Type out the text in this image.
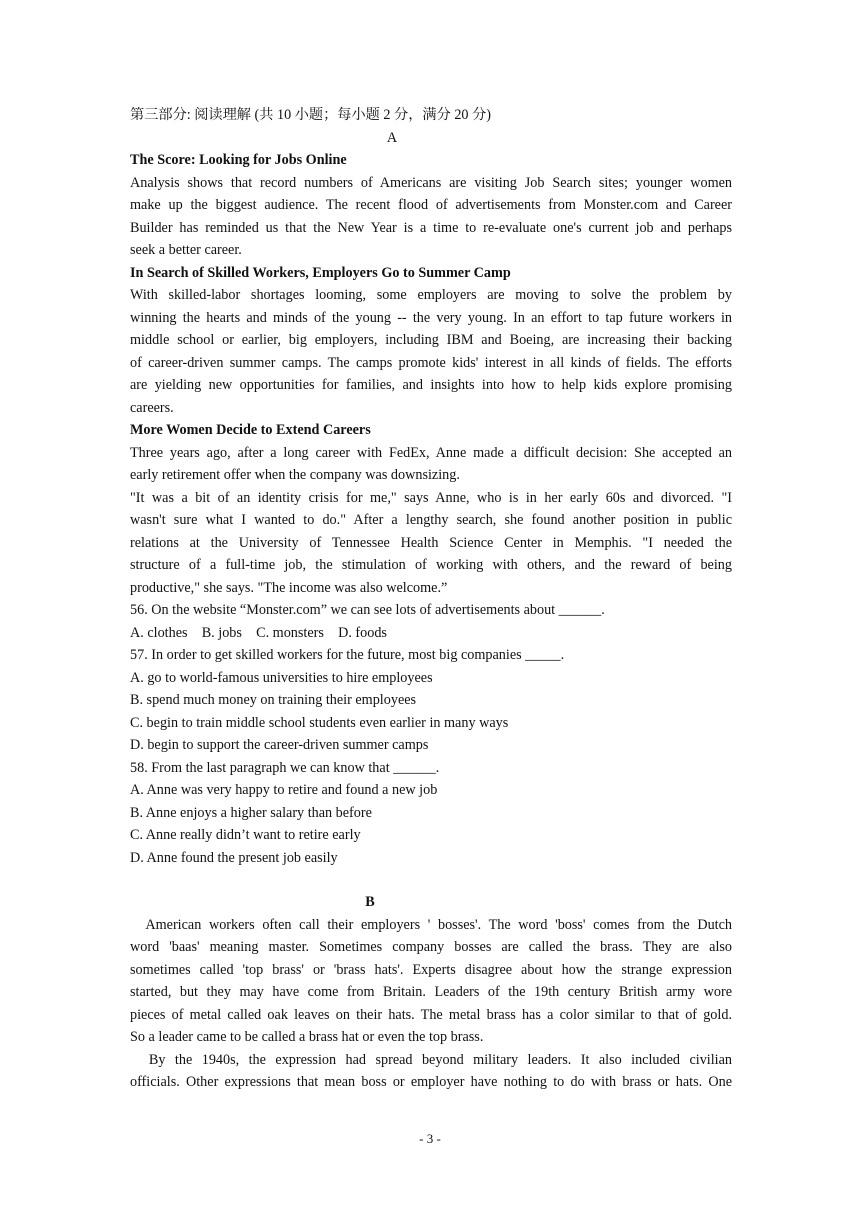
第三部分: 阅读理解 (共 10 小题；每小题 2 分，满分 20 分)
A
The Score: Looking for Jobs Online
Analysis shows that record numbers of Americans are visiting Job Search sites; younger women
make up the biggest audience. The recent flood of advertisements from Monster.com and Career
Builder has reminded us that the New Year is a time to re-evaluate one's current job and perhaps
seek a better career.
In Search of Skilled Workers, Employers Go to Summer Camp
With skilled-labor shortages looming, some employers are moving to solve the problem by
winning the hearts and minds of the young -- the very young. In an effort to tap future workers in
middle school or earlier, big employers, including IBM and Boeing, are increasing their backing
of career-driven summer camps. The camps promote kids' interest in all kinds of fields. The efforts
are yielding new opportunities for families, and insights into how to help kids explore promising
careers.
More Women Decide to Extend Careers
Three years ago, after a long career with FedEx, Anne made a difficult decision: She accepted an
early retirement offer when the company was downsizing.
"It was a bit of an identity crisis for me," says Anne, who is in her early 60s and divorced. "I
wasn't sure what I wanted to do." After a lengthy search, she found another position in public
relations at the University of Tennessee Health Science Center in Memphis. "I needed the
structure of a full-time job, the stimulation of working with others, and the reward of being
productive," she says. "The income was also welcome.”
56. On the website “Monster.com” we can see lots of advertisements about ______.
A. clothes    B. jobs    C. monsters    D. foods
57. In order to get skilled workers for the future, most big companies _____.
A. go to world-famous universities to hire employees
B. spend much money on training their employees
C. begin to train middle school students even earlier in many ways
D. begin to support the career-driven summer camps
58. From the last paragraph we can know that ______.
A. Anne was very happy to retire and found a new job
B. Anne enjoys a higher salary than before
C. Anne really didn’t want to retire early
D. Anne found the present job easily
B
American workers often call their employers ' bosses'. The word 'boss' comes from the Dutch
word 'baas' meaning master. Sometimes company bosses are called the brass. They are also
sometimes called 'top brass' or 'brass hats'. Experts disagree about how the strange expression
started, but they may have come from Britain. Leaders of the 19th century British army wore
pieces of metal called oak leaves on their hats. The metal brass has a color similar to that of gold.
So a leader came to be called a brass hat or even the top brass.
By the 1940s, the expression had spread beyond military leaders. It also included civilian
officials. Other expressions that mean boss or employer have nothing to do with brass or hats. One
- 3 -
